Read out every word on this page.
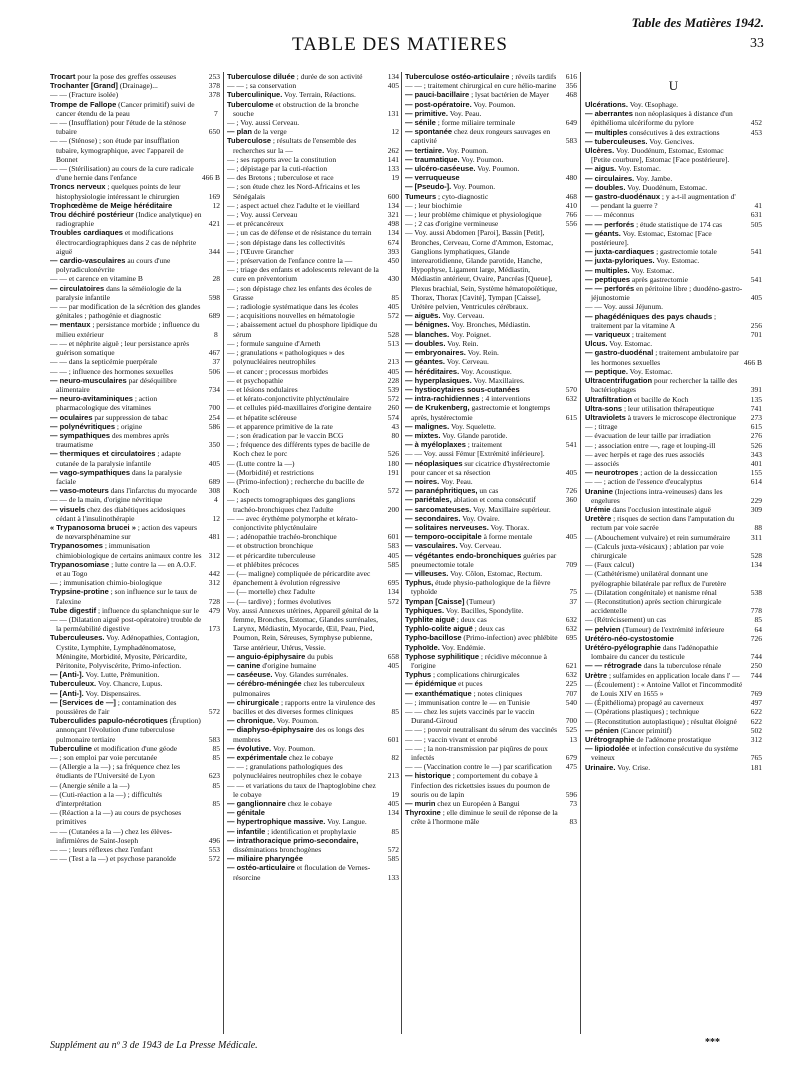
Table des Matières 1942.
TABLE DES MATIERES	33
Trocart pour la pose des greffes osseuses	253
Trochanter [Grand] (Drainage)...	378
— — (Fracture isolée)	378
Trompe de Fallope (Cancer primitif) suivi de cancer étendu de la peau	7
— — (Insufflation) pour l'étude de la sténose tubaire	650
— — (Sténose) ; son étude par insufflation tubaire, kymographique, avec l'appareil de Bonnet
— — (Stérilisation) au cours de la cure radicale d'une hernie dans l'enfance	466 B
Troncs nerveux ; quelques points de leur histophysiologie intéressant le chirurgien	169
Trophœdème de Meige héréditaire	12
Trou déchiré postérieur (Indice analytique) en radiographie	421
Troubles cardiaques et modifications électrocardiographiques dans 2 cas de néphrite aiguë	344
— cardio-vasculaires au cours d'une polyradiculonévrite
— — et carence en vitamine B	28
— circulatoires dans la séméiologie de la paralysie infantile	598
— — par modification de la sécrétion des glandes génitales ; pathogénie et diagnostic	689
— mentaux ; persistance morbide ; influence du milieu extérieur	8
— — et néphrite aiguë ; leur persistance après guérison somatique	467
— — dans la septicémie puerpérale	37
— — ; influence des hormones sexuelles	506
— neuro-musculaires par déséquilibre alimentaire	734
— neuro-avitaminiques ; action pharmacologique des vitamines	700
— oculaires par suppression de tabac	254
— polynévritiques ; origine	586
— sympathiques des membres après traumatisme	350
— thermiques et circulatoires ; adapte cutanée de la paralysie infantile	405
— vago-sympathiques dans la paralysie faciale	689
— vaso-moteurs dans l'infarctus du myocarde 308
— — de la main, d'origine névritique	4
— visuels chez des diabétiques acidosiques cédant à l'insulinothérapie	12
« Trypanosoma brucei » ; action des vapeurs de nœvarsphénamine sur	481
Trypanosomes ; immunisation chimiobiologique de certains animaux contre les 312
Trypanosomiase ; lutte contre la — en A.O.F. et au Togo	442
— ; immunisation chimio-biologique	312
Trypsine-protine ; son influence sur le taux de l'alexine	728
Tube digestif ; influence du splanchnique sur le 479
— — (Dilatation aiguë post-opératoire) trouble de la perméabilité digestive	173
Tuberculeuses. Voy. Adénopathies, Contagion, Cystite, Lymphite, Lymphadénomatose, Méningite, Morbidité, Myosite, Péricardite, Péritonite, Polyviscérite, Primo-infection.
— [Anti-]. Voy. Lutte, Prémunition.
Tuberculeux. Voy. Chancre, Lupus.
— [Anti-]. Voy. Dispensaires.
— [Services de —] ; contamination des poussières de l'air	572
Tuberculides papulo-nécrotiques (Éruption) annonçant l'évolution d'une tuberculose pulmonaire tertiaire	583
Tuberculine et modification d'une géode	85
— ; son emploi par voie percutanée	85
— (Allergie a la —) ; sa fréquence chez les étudiants de l'Université de Lyon	623
— (Anergie sénile a la —)	85
— (Cuti-réaction a la —) ; difficultés d'interprétation	85
— (Réaction a la —) au cours de psychoses primitives
— — (Cutanées a la —) chez les élèves-infirmières de Saint-Joseph	496
— — ; leurs réflexes chez l'enfant	553
— — (Test a la —) et psychose paranoïde	572
Tuberculose diluée ; durée de son activité	134
— — ; sa conservation	405
Tuberculinique. Voy. Terrain, Réactions.
Tuberculome et obstruction de la bronche souche	131
— ; Voy. aussi Cerveau.
— plan de la verge	12
Tuberculose ; résultats de l'ensemble des recherches sur la —	262
— ; ses rapports avec la constitution	141
— ; dépistage par la cuti-réaction	133
— des Bretons ; tuberculose et race	19
— ; son étude chez les Nord-Africains et les Sénégalais	600
— ; aspect actuel chez l'adulte et le vieillard	134
— ; Voy. aussi Cerveau	321
— et précancéreux	498
— ; un cas de défense et de résistance du terrain 134
— ; son dépistage dans les collectivités	674
— ; l'Œuvre Grancher	393
— ; préservation de l'enfance contre la —	450
— ; triage des enfants et adolescents relevant de la cure en préventorium	430
— ; son dépistage chez les enfants des écoles de Grasse	85
— ; radiologie systématique dans les écoles	405
— ; acquisitions nouvelles en hématologie	572
— ; abaissement actuel du phosphore lipidique du sérum	528
— ; formule sanguine d'Arneth	513
— ; granulations « pathologiques » des polynucléaires neutrophiles	213
— et cancer ; processus morbides	405
— et psychopathie	228
— et lésions nodulaires	539
— et kérato-conjonctivite phlycténulaire	572
— et cellules piéd-maxillaires d'origine dentaire 260
— et hépatite scléreuse	574
— et apparence primitive de la rate	43
— ; son éradication par le vaccin BCG	80
— ; fréquence des différents types de bacille de Koch chez le porc	526
— (Lutte contre la —)	180
— (Morbidité) et restrictions	191
— (Primo-infection) ; recherche du bacille de Koch	572
— ; aspects tomographiques des ganglions trachéo-bronchiques chez l'adulte	200
— — avec érythème polymorphe et kérato-conjonctivite phlycténulaire
— ; adénopathie trachéo-bronchique	601
— et obstruction bronchique	583
— et péricardite tuberculeuse	405
— et phlébites précoces	585
— (— maligne) compliquée de péricardite avec épanchement à évolution régressive	695
— (— mortelle) chez l'adulte	134
— (— tardive) ; formes évolutives	572
Voy. aussi Annexes utérines, Appareil génital de la femme, Bronches, Estomac, Glandes surrénales, Larynx, Médiastin, Myocarde, Œil, Peau, Pied, Poumon, Rein, Séreuses, Symphyse pubienne, Tarse antérieur, Utérus, Vessie.
— anguio-épiphysaire du pubis	658
— canine d'origine humaine	405
— caséeuse. Voy. Glandes surrénales.
— cérébro-méningée chez les tuberculeux pulmonaires
— chirurgicale ; rapports entre la virulence des bacilles et des diverses formes cliniques	85
— chronique. Voy. Poumon.
— diaphyso-épiphysaire des os longs des membres	601
— évolutive. Voy. Poumon.
— expérimentale chez le cobaye	82
— — ; granulations pathologiques des polynucléaires neutrophiles chez le cobaye	213
— — et variations du taux de l'haptoglobine chez le cobaye	19
— ganglionnaire chez le cobaye	405
— génitale	134
— hypertrophique massive. Voy. Langue.
— infantile ; identification et prophylaxie	85
— intrathoracique primo-secondaire, disséminations bronchogènes	572
— miliaire pharyngée	585
— ostéo-articulaire et floculation de Vernes-résorcine	133
Tuberculose ostéo-articulaire ; réveils tardifs 616
— — ; traitement chirurgical en cure hélio-marine 356
— pauci-bacillaire ; lysat bactérien de Mayer 468
— post-opératoire. Voy. Poumon.
— primitive. Voy. Peau.
— sénile ; forme miliaire terminale	649
— spontanée chez deux rongeurs sauvages en captivité	583
— tertiaire. Voy. Poumon.
— traumatique. Voy. Poumon.
— ulcéro-caséeuse. Voy. Poumon.
— verruqueuse	480
— [Pseudo-]. Voy. Poumon.
Tumeurs ; cyto-diagnostic	468
— ; leur biochimie	410
— ; leur problème chimique et physiologique	766
— ; 2 cas d'origine vermineuse	556
— Voy. aussi Abdomen [Paroi], Bassin [Petit], Bronches, Cerveau, Corne d'Ammon, Estomac, Ganglions lymphatiques, Glande interearotidienne, Glande parotide, Hanche, Hypophyse, Ligament large, Médiastin, Médiastin antérieur, Ovaire, Pancréas [Queue], Plexus brachial, Sein, Système hématopoïétique, Thorax, Thorax [Cavité], Tympan [Caisse], Urétère pelvien, Ventricules cérébraux.
— aiguës. Voy. Cerveau.
— bénignes. Voy. Bronches, Médiastin.
— blanches. Voy. Poignet.
— doubles. Voy. Rein.
— embryonaires. Voy. Rein.
— géantes. Voy. Cerveau.
— héréditaires. Voy. Acoustique.
— hyperplasiques. Voy. Maxillaires.
— hystiocytaires sous-cutanées	570
— intra-rachidiennes ; 4 interventions	632
— de Krukenberg, gastrectomie et longtemps après, hystérectomie	615
— malignes. Voy. Squelette.
— mixtes. Voy. Glande parotide.
— à myéloplaxes ; traitement	541
— — Voy. aussi Fémur [Extrémité inférieure].
— néoplasiques sur cicatrice d'hystérectomie pour cancer et sa résection	405
— noires. Voy. Peau.
— paranéphritiques, un cas	726
— pariétales, ablation et coma consécutif	360
— sarcomateuses. Voy. Maxillaire supérieur.
— secondaires. Voy. Ovaire.
— solitaires nerveuses. Voy. Thorax.
— temporo-occipitale à forme mentale	405
— vasculaires. Voy. Cerveau.
— végétantes endo-bronchiques guéries par pneumectomie totale	709
— villeuses. Voy. Côlon, Estomac, Rectum.
Typhus, étude physio-pathologique de la fièvre typhoïde	75
Tympan [Caisse] (Tumeur)	37
Typhiques. Voy. Bacilles, Spondylite.
Typhlite aiguë ; deux cas	632
Typhlo-colite aiguë ; deux cas	632
Typho-bacillose (Primo-infection) avec phlébite 695
Typhoïde. Voy. Endémie.
Typhose syphilitique ; récidive méconnue à l'origine	621
Typhus ; complications chirurgicales	632
— épidémique et puces	225
— exanthématique ; notes cliniques	707
— ; immunisation contre le — en Tunisie	540
— — chez les sujets vaccinés par le vaccin Durand-Giroud	700
— — ; pouvoir neutralisant du sérum des vaccinés 525
— — ; vaccin vivant et enrobé	13
— — ; la non-transmission par piqûres de poux infectés	679
— — (Vaccination contre le —) par scarification 475
— historique ; comportement du cobaye à l'infection des rickettsies issues du poumon de souris ou de lapin	596
— murin chez un Européen à Bangui	73
Thyroxine ; elle diminue le seuil de réponse de la crête à l'hormone mâle	83
U
Ulcérations. Voy. Œsophage.
— aberrantes non néoplasiques à distance d'un épithélioma ulcériforme du pylore	452
— multiples consécutives à des extractions	453
— tuberculeuses. Voy. Gencives.
Ulcères. Voy. Duodénum, Estomac, Estomac [Petite courbure], Estomac [Face postérieure].
— aigus. Voy. Estomac.
— circulaires. Voy. Jambe.
— doubles. Voy. Duodénum, Estomac.
— gastro-duodénaux ; y a-t-il augmentation d' — pendant la guerre ?	41
— — méconnus	631
— — perforés ; étude statistique de 174 cas	505
— géants. Voy. Estomac, Estomac [Face postérieure].
— juxta-cardiaques ; gastrectomie totale	541
— juxta-pyloriques. Voy. Estomac.
— multiples. Voy. Estomac.
— peptiques après gastrectomie	541
— — perforés en péritoine libre ; duodéno-gastro-jéjunostomie	405
— — Voy. aussi Jéjunum.
— phagédéniques des pays chauds ; traitement par la vitamine A	256
— variqueux ; traitement	701
Ulcus. Voy. Estomac.
— gastro-duodénal ; traitement ambulatoire par les hormones sexuelles	466 B
— peptique. Voy. Estomac.
Ultracentrifugation pour rechercher la taille des bactériophages	391
Ultrafiltration et bacille de Koch	135
Ultra-sons ; leur utilisation thérapeutique	741
Ultraviolets à travers le microscope électronique 273
— ; titrage	615
— évacuation de leur taille par irradiation	276
— ; association entre —, rage et louping-ill	526
— avec herpès et rage des rues associés	343
— associés	401
— neurotropes ; action de la dessiccation	155
— — ; action de l'essence d'eucalyptus	614
Uranine (Injections intra-veineuses) dans les engelures	229
Urémie dans l'occlusion intestinale aiguë	309
Uretère ; risques de section dans l'amputation du rectum par voie sacrée	88
— (Abouchement vulvaire) et rein surnuméraire	311
— (Calculs juxta-vésicaux) ; ablation par voie chirurgicale	528
— (Faux calcul)	134
— (Cathétérisme) unilatéral donnant une pyélographie bilatérale par reflux de l'uretère
— (Dilatation congénitale) et nanisme rénal	538
— (Reconstitution) après section chirurgicale accidentelle	778
— (Rétrécissement) un cas	85
— pelvien (Tumeur) de l'extrémité inférieure	64
Urétéro-néo-cystostomie	726
Urétéro-pyélographie dans l'adénopathie lombaire du cancer du testicule	744
— — rétrograde dans la tuberculose rénale	250
Urètre ; sulfamides en application locale dans l' — 744
— (Écoulement) : « Antoine Vallot et l'incommodité de Louis XIV en 1655 »	769
— (Épithélioma) propagé au caverneux	497
— (Opérations plastiques) ; technique	622
— (Reconstitution autoplastique) ; résultat éloigné 622
— pénien (Cancer primitif)	502
Urétrographie de l'adénome prostatique	312
— lipiodolée et infection consécutive du système veineux	765
Urinaire. Voy. Crise.	181
Supplément au nº 3 de 1943 de La Presse Médicale.	***
